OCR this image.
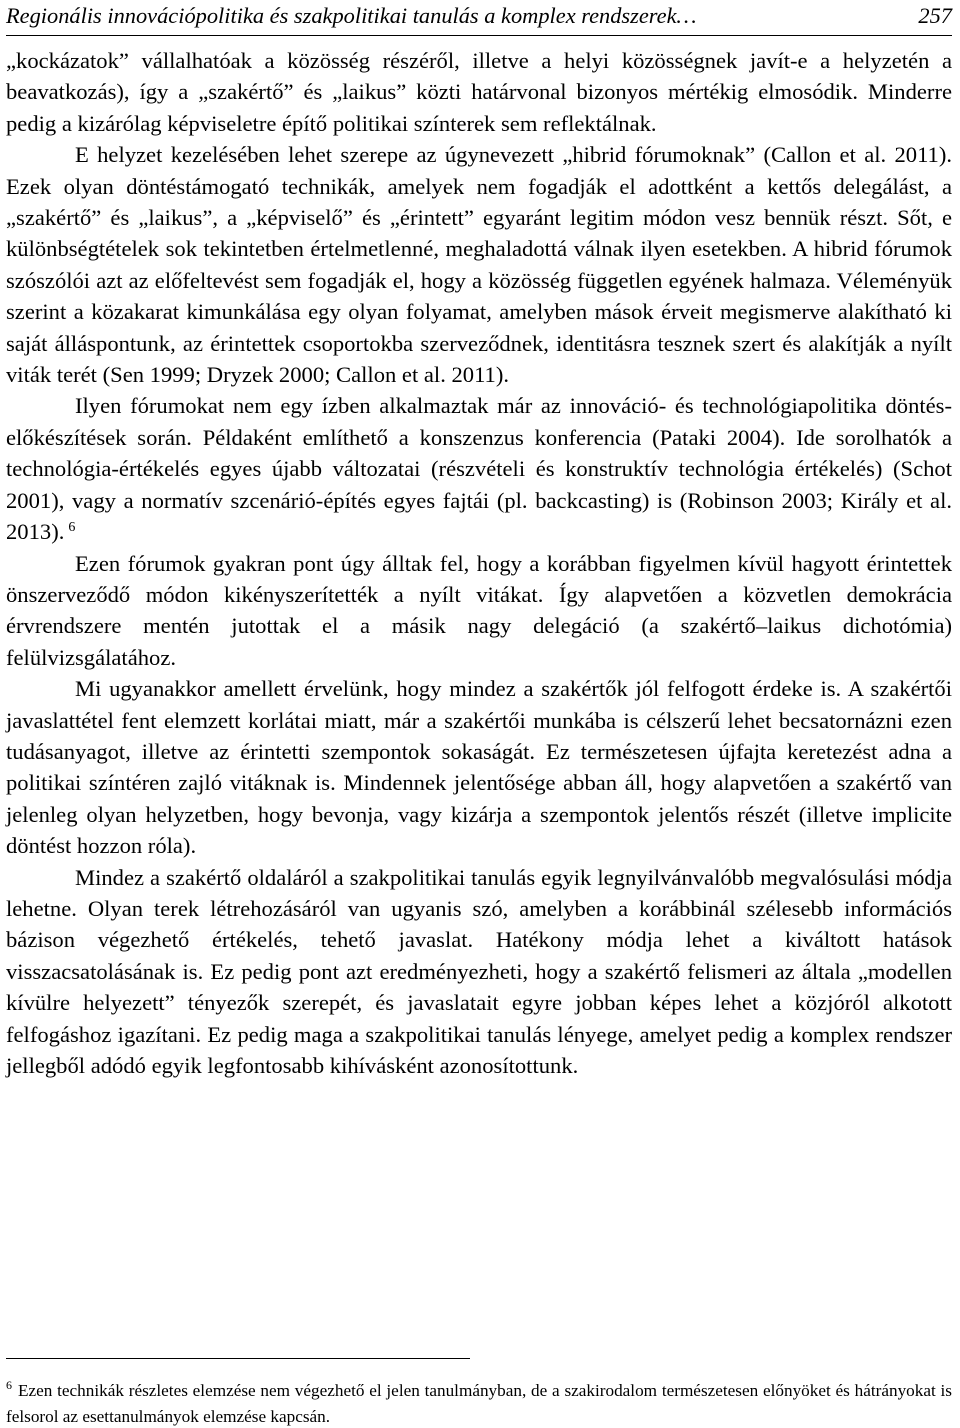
Regionális innovációpolitika és szakpolitikai tanulás a komplex rendszerek…	257

„kockázatok” vállalhatóak a közösség részéről, illetve a helyi közösségnek javít-e a helyzetén a beavatkozás), így a „szakértő” és „laikus” közti határvonal bizonyos mértékig elmosódik. Minderre pedig a kizárólag képviseletre építő politikai színterek sem reflektálnak.

E helyzet kezelésében lehet szerepe az úgynevezett „hibrid fórumoknak” (Callon et al. 2011). Ezek olyan döntéstámogató technikák, amelyek nem fogadják el adottként a kettős delegálást, a „szakértő” és „laikus”, a „képviselő” és „érintett” egyaránt legitim módon vesz bennük részt. Sőt, e különbségtételek sok tekintetben értelmetlenné, meghaladottá válnak ilyen esetekben. A hibrid fórumok szószólói azt az előfeltevést sem fogadják el, hogy a közösség független egyének halmaza. Véleményük szerint a közakarat kimunkálása egy olyan folyamat, amelyben mások érveit megismerve alakítható ki saját álláspontunk, az érintettek csoportokba szerveződnek, identitásra tesznek szert és alakítják a nyílt viták terét (Sen 1999; Dryzek 2000; Callon et al. 2011).

Ilyen fórumokat nem egy ízben alkalmaztak már az innováció- és technológiapolitika döntés-előkészítések során. Példaként említhető a konszenzus konferencia (Pataki 2004). Ide sorolhatók a technológia-értékelés egyes újabb változatai (részvételi és konstruktív technológia értékelés) (Schot 2001), vagy a normatív szcenárió-építés egyes fajtái (pl. backcasting) is (Robinson 2003; Király et al. 2013). $^6$

Ezen fórumok gyakran pont úgy álltak fel, hogy a korábban figyelmen kívül hagyott érintettek önszerveződő módon kikényszerítették a nyílt vitákat. Így alapvetően a közvetlen demokrácia érvrendszere mentén jutottak el a másik nagy delegáció (a szakértő–laikus dichotómia) felülvizsgálatához.

Mi ugyanakkor amellett érvelünk, hogy mindez a szakértők jól felfogott érdeke is. A szakértői javaslattétel fent elemzett korlátai miatt, már a szakértői munkába is célszerű lehet becsatornázni ezen tudásanyagot, illetve az érintetti szempontok sokaságát. Ez természetesen újfajta keretezést adna a politikai színtéren zajló vitáknak is. Mindennek jelentősége abban áll, hogy alapvetően a szakértő van jelenleg olyan helyzetben, hogy bevonja, vagy kizárja a szempontok jelentős részét (illetve implicite döntést hozzon róla).

Mindez a szakértő oldaláról a szakpolitikai tanulás egyik legnyilvánvalóbb megvalósulási módja lehetne. Olyan terek létrehozásáról van ugyanis szó, amelyben a korábbinál szélesebb információs bázison végezhető értékelés, tehető javaslat. Hatékony módja lehet a kiváltott hatások visszacsatolásának is. Ez pedig pont azt eredményezheti, hogy a szakértő felismeri az általa „modellen kívülre helyezett” tényezők szerepét, és javaslatait egyre jobban képes lehet a közjóról alkotott felfogáshoz igazítani. Ez pedig maga a szakpolitikai tanulás lényege, amelyet pedig a komplex rendszer jellegből adódó egyik legfontosabb kihívásként azonosítottunk.

$^6$ Ezen technikák részletes elemzése nem végezhető el jelen tanulmányban, de a szakirodalom természetesen előnyöket és hátrányokat is felsorol az esettanulmányok elemzése kapcsán.
